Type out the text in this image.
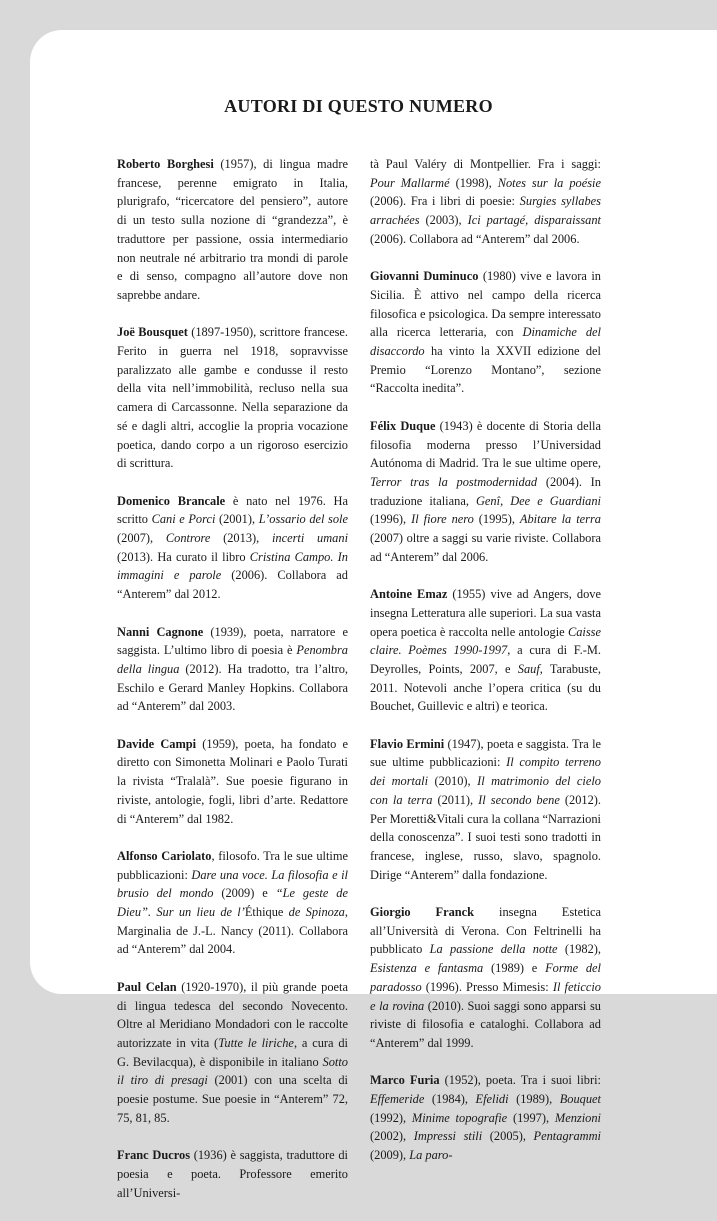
AUTORI DI QUESTO NUMERO

Roberto Borghesi (1957), di lingua madre francese, perenne emigrato in Italia, plurigrafo, “ricercatore del pensiero”, autore di un testo sulla nozione di “grandezza”, è traduttore per passione, ossia intermediario non neutrale né arbitrario tra mondi di parole e di senso, compagno all’autore dove non saprebbe andare.

Joë Bousquet (1897-1950), scrittore francese. Ferito in guerra nel 1918, sopravvisse paralizzato alle gambe e condusse il resto della vita nell’immobilità, recluso nella sua camera di Carcassonne. Nella separazione da sé e dagli altri, accoglie la propria vocazione poetica, dando corpo a un rigoroso esercizio di scrittura.

Domenico Brancale è nato nel 1976. Ha scritto Cani e Porci (2001), L’ossario del sole (2007), Controre (2013), incerti umani (2013). Ha curato il libro Cristina Campo. In immagini e parole (2006). Collabora ad “Anterem” dal 2012.

Nanni Cagnone (1939), poeta, narratore e saggista. L’ultimo libro di poesia è Penombra della lingua (2012). Ha tradotto, tra l’altro, Eschilo e Gerard Manley Hopkins. Collabora ad “Anterem” dal 2003.

Davide Campi (1959), poeta, ha fondato e diretto con Simonetta Molinari e Paolo Turati la rivista “Tralalà”. Sue poesie figurano in riviste, antologie, fogli, libri d’arte. Redattore di “Anterem” dal 1982.

Alfonso Cariolato, filosofo. Tra le sue ultime pubblicazioni: Dare una voce. La filosofia e il brusio del mondo (2009) e “Le geste de Dieu”. Sur un lieu de l’Éthique de Spinoza, Marginalia de J.-L. Nancy (2011). Collabora ad “Anterem” dal 2004.

Paul Celan (1920-1970), il più grande poeta di lingua tedesca del secondo Novecento. Oltre al Meridiano Mondadori con le raccolte autorizzate in vita (Tutte le liriche, a cura di G. Bevilacqua), è disponibile in italiano Sotto il tiro di presagi (2001) con una scelta di poesie postume. Sue poesie in “Anterem” 72, 75, 81, 85.

Franc Ducros (1936) è saggista, traduttore di poesia e poeta. Professore emerito all’Universi-

tà Paul Valéry di Montpellier. Fra i saggi: Pour Mallarmé (1998), Notes sur la poésie (2006). Fra i libri di poesie: Surgies syllabes arrachées (2003), Ici partagé, disparaissant (2006). Collabora ad “Anterem” dal 2006.

Giovanni Duminuco (1980) vive e lavora in Sicilia. È attivo nel campo della ricerca filosofica e psicologica. Da sempre interessato alla ricerca letteraria, con Dinamiche del disaccordo ha vinto la XXVII edizione del Premio “Lorenzo Montano”, sezione “Raccolta inedita”.

Félix Duque (1943) è docente di Storia della filosofia moderna presso l’Universidad Autónoma di Madrid. Tra le sue ultime opere, Terror tras la postmodernidad (2004). In traduzione italiana, Genî, Dee e Guardiani (1996), Il fiore nero (1995), Abitare la terra (2007) oltre a saggi su varie riviste. Collabora ad “Anterem” dal 2006.

Antoine Emaz (1955) vive ad Angers, dove insegna Letteratura alle superiori. La sua vasta opera poetica è raccolta nelle antologie Caisse claire. Poèmes 1990-1997, a cura di F.-M. Deyrolles, Points, 2007, e Sauf, Tarabuste, 2011. Notevoli anche l’opera critica (su du Bouchet, Guillevic e altri) e teorica.

Flavio Ermini (1947), poeta e saggista. Tra le sue ultime pubblicazioni: Il compito terreno dei mortali (2010), Il matrimonio del cielo con la terra (2011), Il secondo bene (2012). Per Moretti&Vitali cura la collana “Narrazioni della conoscenza”. I suoi testi sono tradotti in francese, inglese, russo, slavo, spagnolo. Dirige “Anterem” dalla fondazione.

Giorgio Franck insegna Estetica all’Università di Verona. Con Feltrinelli ha pubblicato La passione della notte (1982), Esistenza e fantasma (1989) e Forme del paradosso (1996). Presso Mimesis: Il feticcio e la rovina (2010). Suoi saggi sono apparsi su riviste di filosofia e cataloghi. Collabora ad “Anterem” dal 1999.

Marco Furia (1952), poeta. Tra i suoi libri: Effemeride (1984), Efelidi (1989), Bouquet (1992), Minime topografie (1997), Menzioni (2002), Impressi stili (2005), Pentagrammi (2009), La paro-
